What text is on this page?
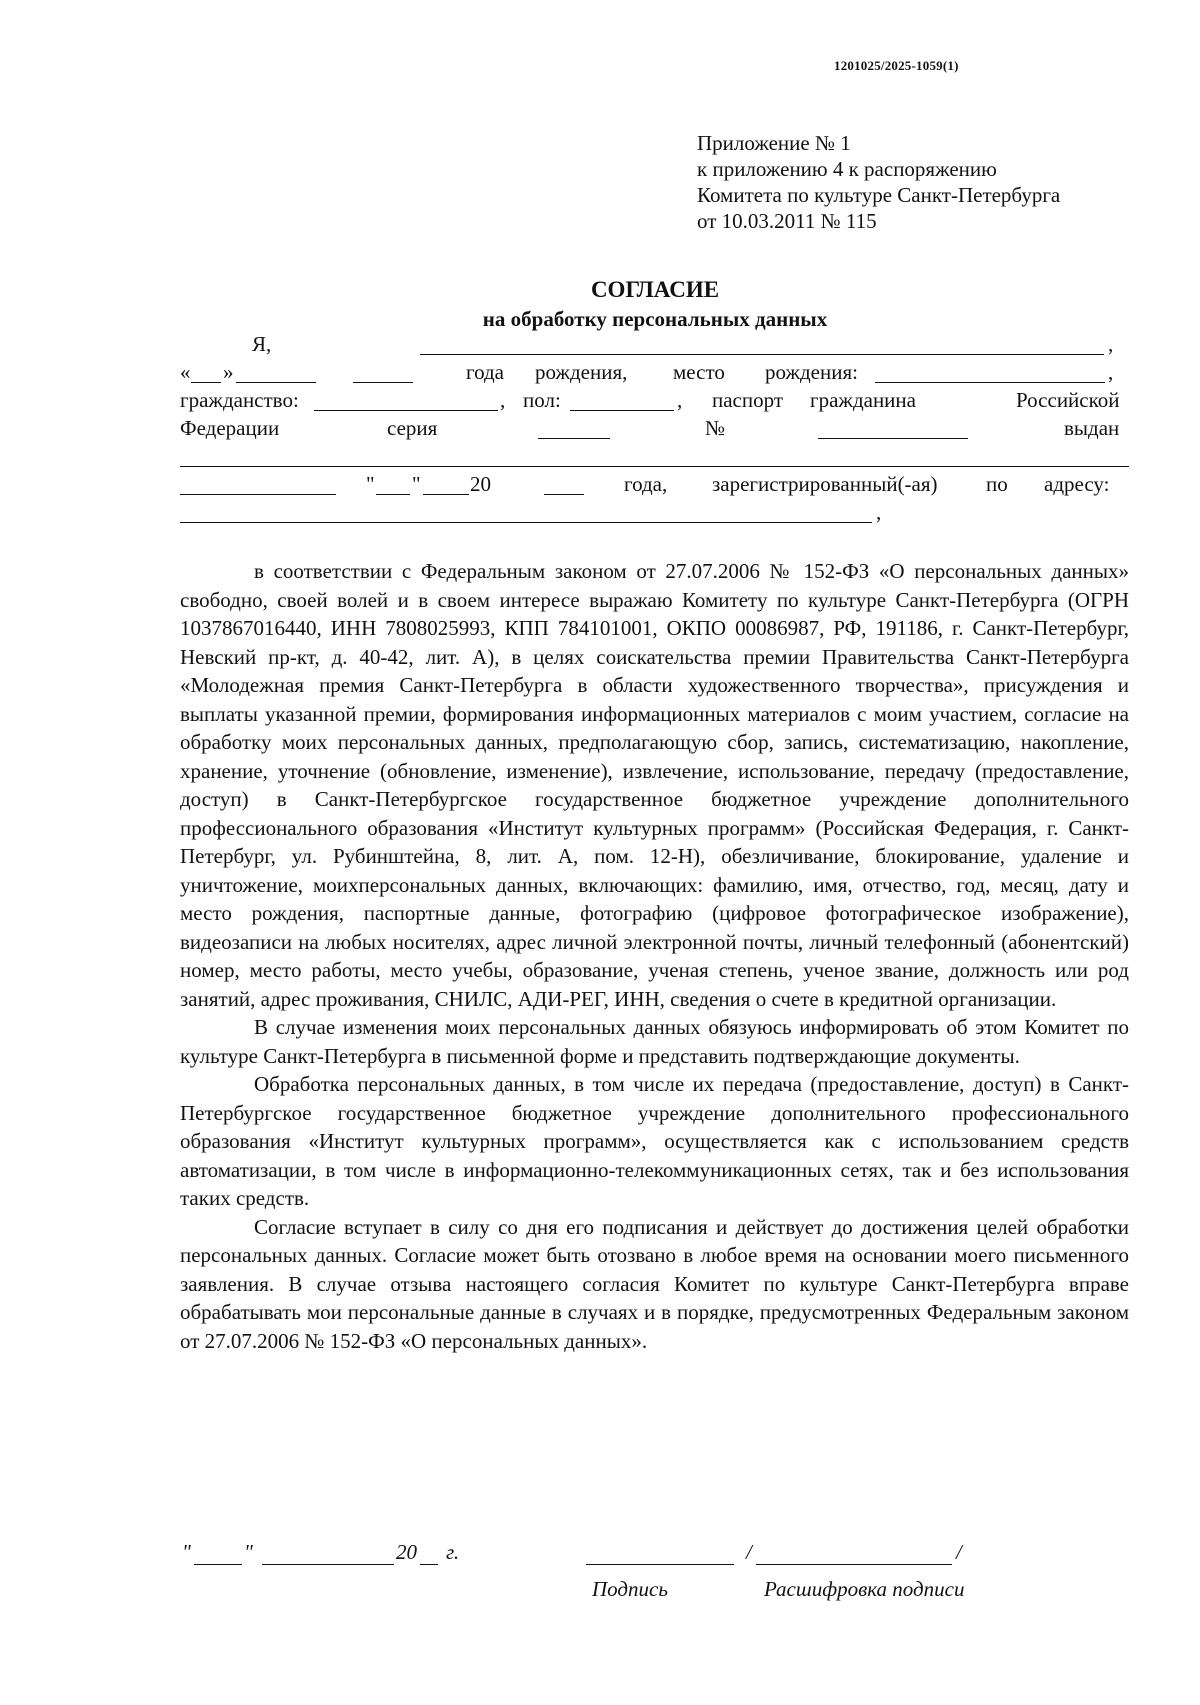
1201025/2025-1059(1)
Приложение № 1
к приложению 4 к распоряжению
Комитета по культуре Санкт-Петербурга
от 10.03.2011 № 115
СОГЛАСИЕ
на обработку персональных данных
Я,	,
« »	года рождения, место рождения:	,
гражданство:	, пол:	, паспорт гражданина	Российской
Федерации	серия	№	выдан
" " 20	года, зарегистрированный(-ая) по адресу:
,

в соответствии с Федеральным законом от 27.07.2006 № 152-ФЗ «О персональных данных» свободно, своей волей и в своем интересе выражаю Комитету по культуре Санкт-Петербурга (ОГРН 1037867016440, ИНН 7808025993, КПП 784101001, ОКПО 00086987, РФ, 191186, г. Санкт-Петербург, Невский пр-кт, д. 40-42, лит. А), в целях соискательства премии Правительства Санкт-Петербурга «Молодежная премия Санкт-Петербурга в области художественного творчества», присуждения и выплаты указанной премии, формирования информационных материалов с моим участием, согласие на обработку моих персональных данных, предполагающую сбор, запись, систематизацию, накопление, хранение, уточнение (обновление, изменение), извлечение, использование, передачу (предоставление, доступ) в Санкт-Петербургское государственное бюджетное учреждение дополнительного профессионального образования «Институт культурных программ» (Российская Федерация, г. Санкт-Петербург, ул. Рубинштейна, 8, лит. А, пом. 12-Н), обезличивание, блокирование, удаление и уничтожение, моихперсональных данных, включающих: фамилию, имя, отчество, год, месяц, дату и место рождения, паспортные данные, фотографию (цифровое фотографическое изображение), видеозаписи на любых носителях, адрес личной электронной почты, личный телефонный (абонентский) номер, место работы, место учебы, образование, ученая степень, ученое звание, должность или род занятий, адрес проживания, СНИЛС, АДИ-РЕГ, ИНН, сведения о счете в кредитной организации.

В случае изменения моих персональных данных обязуюсь информировать об этом Комитет по культуре Санкт-Петербурга в письменной форме и представить подтверждающие документы.

Обработка персональных данных, в том числе их передача (предоставление, доступ) в Санкт-Петербургское государственное бюджетное учреждение дополнительного профессионального образования «Институт культурных программ», осуществляется как с использованием средств автоматизации, в том числе в информационно-телекоммуникационных сетях, так и без использования таких средств.

Согласие вступает в силу со дня его подписания и действует до достижения целей обработки персональных данных. Согласие может быть отозвано в любое время на основании моего письменного заявления. В случае отзыва настоящего согласия Комитет по культуре Санкт-Петербурга вправе обрабатывать мои персональные данные в случаях и в порядке, предусмотренных Федеральным законом от 27.07.2006 № 152-ФЗ «О персональных данных».

"	"	20 г.	/	/
Подпись	Расшифровка подписи
